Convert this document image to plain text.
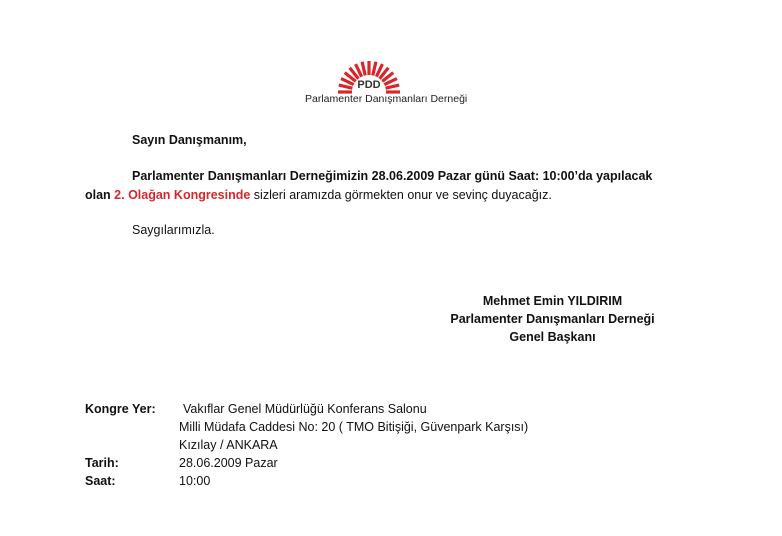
PDD
Parlamenter Danışmanları Derneği
Sayın Danışmanım,
Parlamenter Danışmanları Derneğimizin 28.06.2009 Pazar günü Saat: 10:00’da yapılacak
olan 2. Olağan Kongresinde sizleri aramızda görmekten onur ve sevinç duyacağız.
Saygılarımızla.
Mehmet Emin YILDIRIM
Parlamenter Danışmanları Derneği
Genel Başkanı
Kongre Yer: Vakıflar Genel Müdürlüğü Konferans Salonu
Milli Müdafa Caddesi No: 20 ( TMO Bitişiği, Güvenpark Karşısı)
Kızılay / ANKARA
Tarih:	28.06.2009 Pazar
Saat:	10:00
